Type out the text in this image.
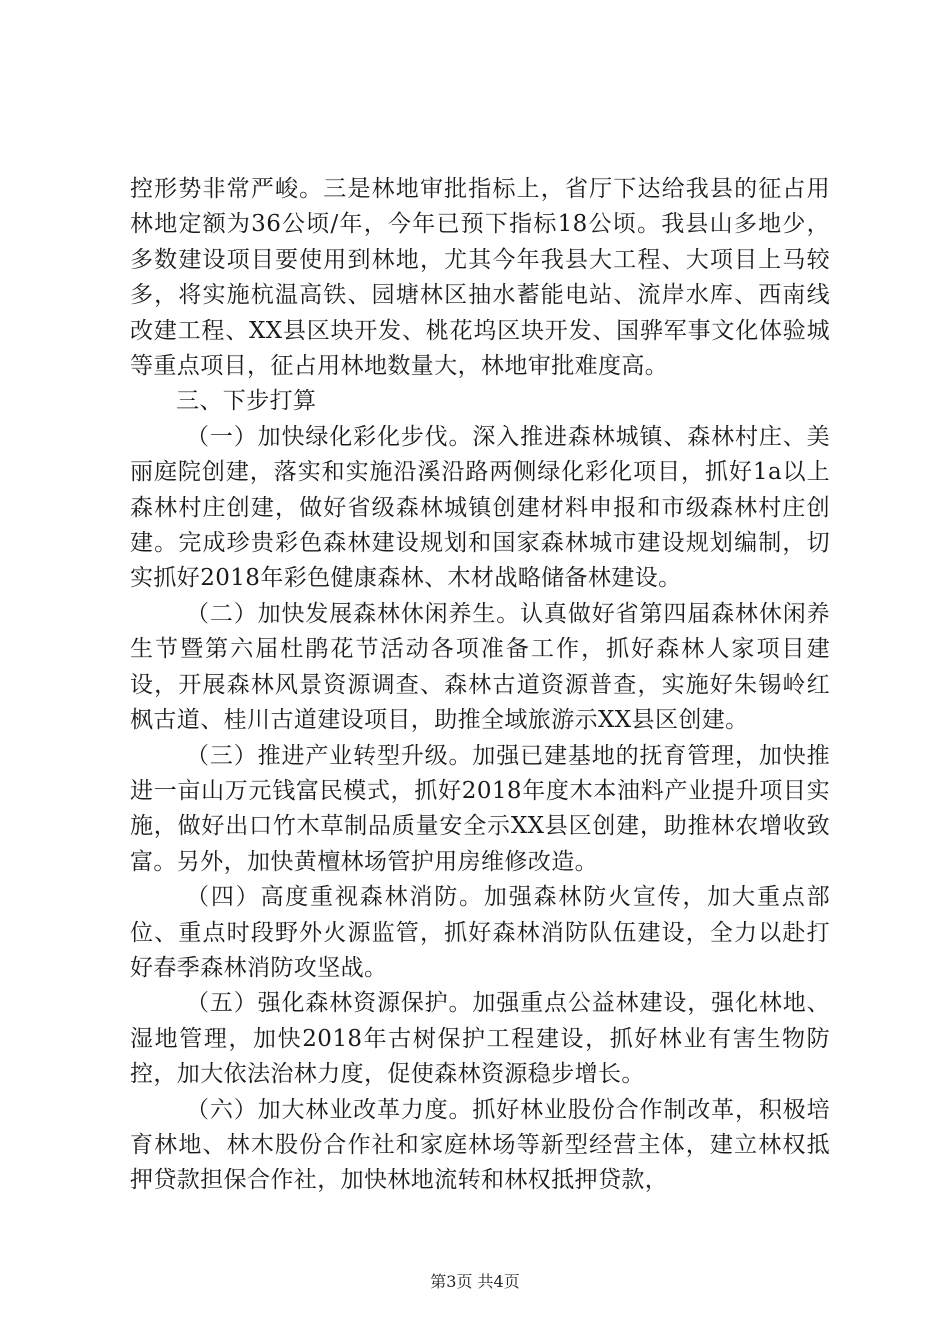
控形势非常严峻。三是林地审批指标上，省厅下达给我县的征占用林地定额为36公顷/年，今年已预下指标18公顷。我县山多地少，多数建设项目要使用到林地，尤其今年我县大工程、大项目上马较多，将实施杭温高铁、园塘林区抽水蓄能电站、流岸水库、西南线改建工程、XX县区块开发、桃花坞区块开发、国骅军事文化体验城等重点项目，征占用林地数量大，林地审批难度高。

三、下步打算

（一）加快绿化彩化步伐。深入推进森林城镇、森林村庄、美丽庭院创建，落实和实施沿溪沿路两侧绿化彩化项目，抓好1a以上森林村庄创建，做好省级森林城镇创建材料申报和市级森林村庄创建。完成珍贵彩色森林建设规划和国家森林城市建设规划编制，切实抓好2018年彩色健康森林、木材战略储备林建设。

（二）加快发展森林休闲养生。认真做好省第四届森林休闲养生节暨第六届杜鹃花节活动各项准备工作，抓好森林人家项目建设，开展森林风景资源调查、森林古道资源普查，实施好朱锡岭红枫古道、桂川古道建设项目，助推全域旅游示XX县区创建。

（三）推进产业转型升级。加强已建基地的抚育管理，加快推进一亩山万元钱富民模式，抓好2018年度木本油料产业提升项目实施，做好出口竹木草制品质量安全示XX县区创建，助推林农增收致富。另外，加快黄檀林场管护用房维修改造。

（四）高度重视森林消防。加强森林防火宣传，加大重点部位、重点时段野外火源监管，抓好森林消防队伍建设，全力以赴打好春季森林消防攻坚战。

（五）强化森林资源保护。加强重点公益林建设，强化林地、湿地管理，加快2018年古树保护工程建设，抓好林业有害生物防控，加大依法治林力度，促使森林资源稳步增长。

（六）加大林业改革力度。抓好林业股份合作制改革，积极培育林地、林木股份合作社和家庭林场等新型经营主体，建立林权抵押贷款担保合作社，加快林地流转和林权抵押贷款，

第3页 共4页
